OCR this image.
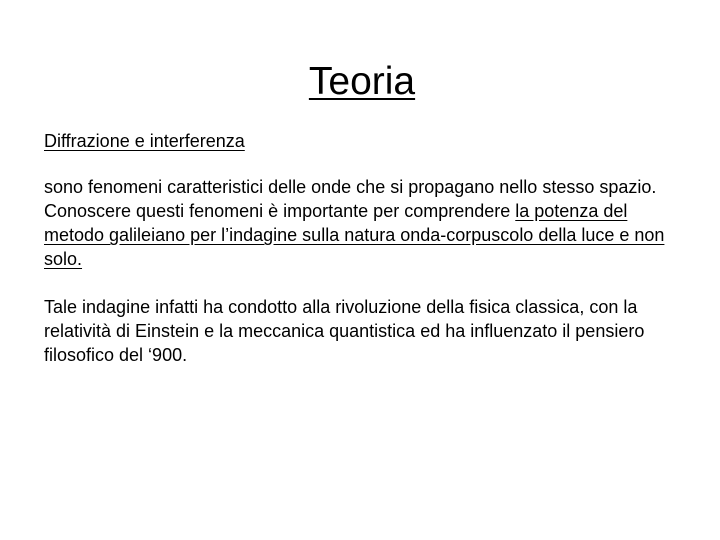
Teoria

Diffrazione e interferenza

sono fenomeni caratteristici delle onde che si propagano nello stesso spazio.

Conoscere questi fenomeni è importante per comprendere la potenza del metodo galileiano per l’indagine sulla natura onda-corpuscolo della luce e non solo.

Tale indagine infatti ha condotto alla rivoluzione della fisica classica, con la relatività di Einstein e la meccanica quantistica ed ha influenzato il pensiero filosofico del ‘900.
